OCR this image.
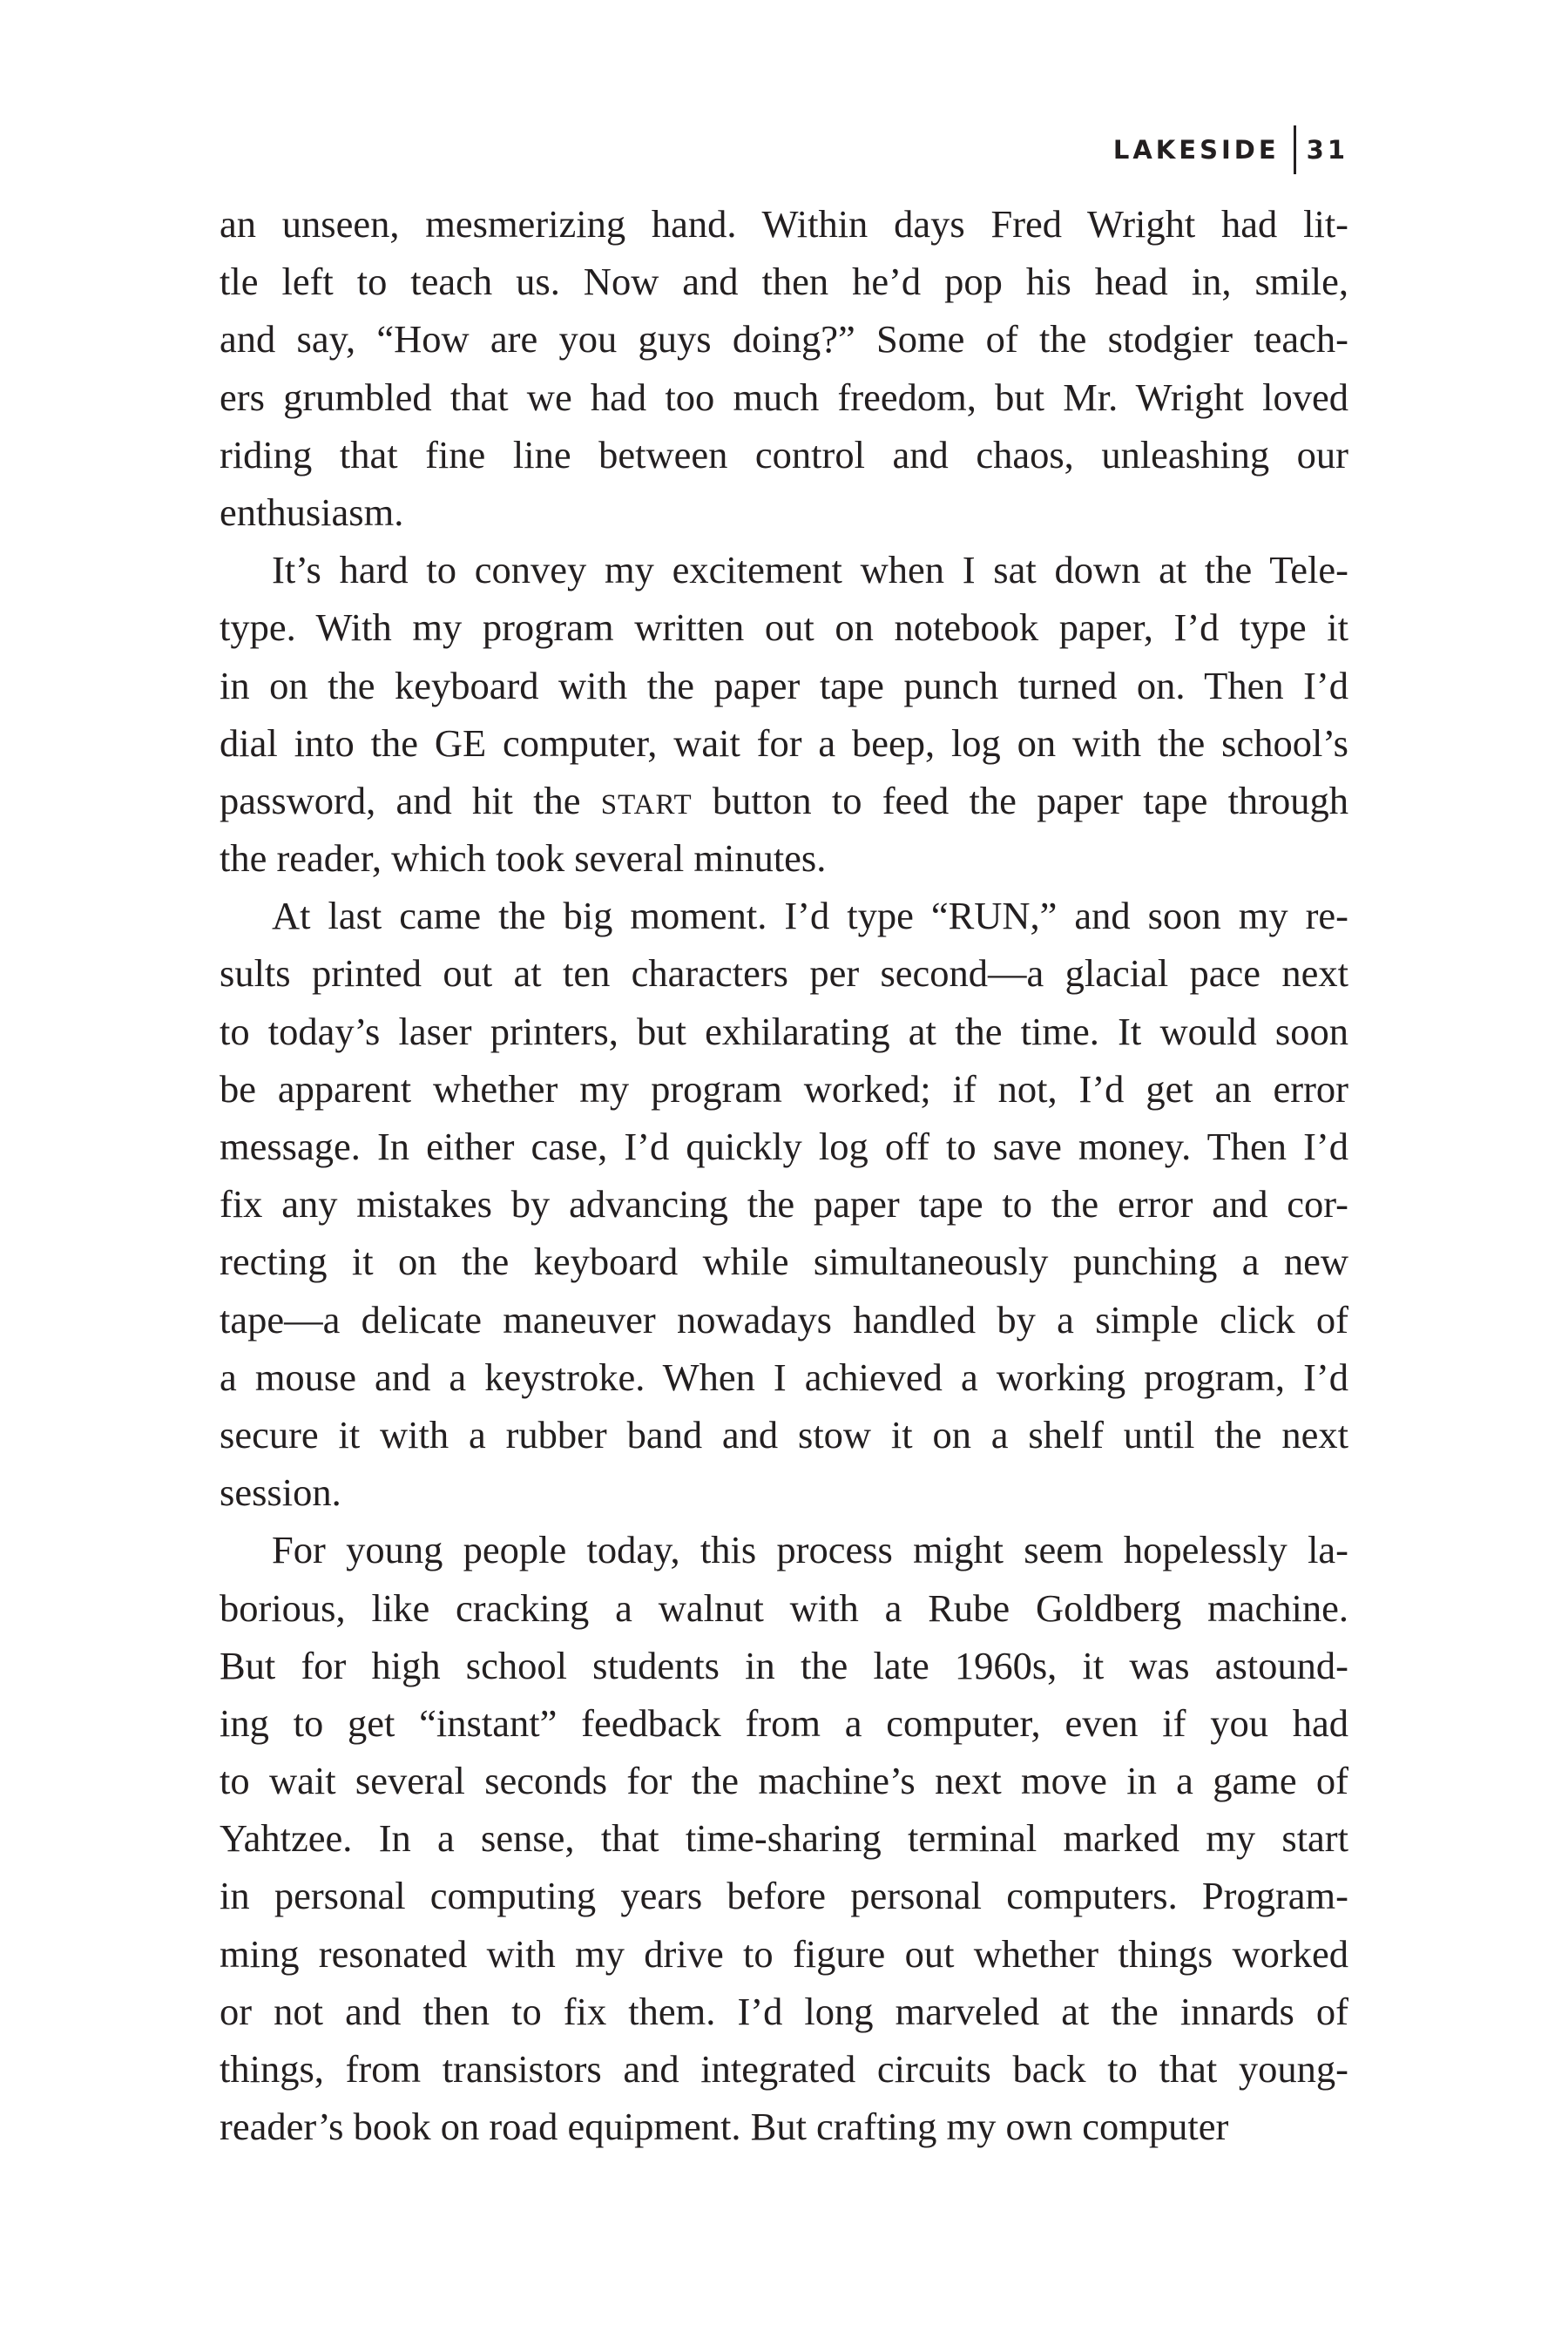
LAKESIDE 31
an unseen, mesmerizing hand. Within days Fred Wright had lit-
tle left to teach us. Now and then he’d pop his head in, smile,
and say, “How are you guys doing?” Some of the stodgier teach-
ers grumbled that we had too much freedom, but Mr. Wright loved
riding that fine line between control and chaos, unleashing our
enthusiasm.
It’s hard to convey my excitement when I sat down at the Tele-
type. With my program written out on notebook paper, I’d type it
in on the keyboard with the paper tape punch turned on. Then I’d
dial into the GE computer, wait for a beep, log on with the school’s
password, and hit the START button to feed the paper tape through
the reader, which took several minutes.
At last came the big moment. I’d type “RUN,” and soon my re-
sults printed out at ten characters per second—a glacial pace next
to today’s laser printers, but exhilarating at the time. It would soon
be apparent whether my program worked; if not, I’d get an error
message. In either case, I’d quickly log off to save money. Then I’d
fix any mistakes by advancing the paper tape to the error and cor-
recting it on the keyboard while simultaneously punching a new
tape—a delicate maneuver nowadays handled by a simple click of
a mouse and a keystroke. When I achieved a working program, I’d
secure it with a rubber band and stow it on a shelf until the next
session.
For young people today, this process might seem hopelessly la-
borious, like cracking a walnut with a Rube Goldberg machine.
But for high school students in the late 1960s, it was astound-
ing to get “instant” feedback from a computer, even if you had
to wait several seconds for the machine’s next move in a game of
Yahtzee. In a sense, that time-sharing terminal marked my start
in personal computing years before personal computers. Program-
ming resonated with my drive to figure out whether things worked
or not and then to fix them. I’d long marveled at the innards of
things, from transistors and integrated circuits back to that young-
reader’s book on road equipment. But crafting my own computer
